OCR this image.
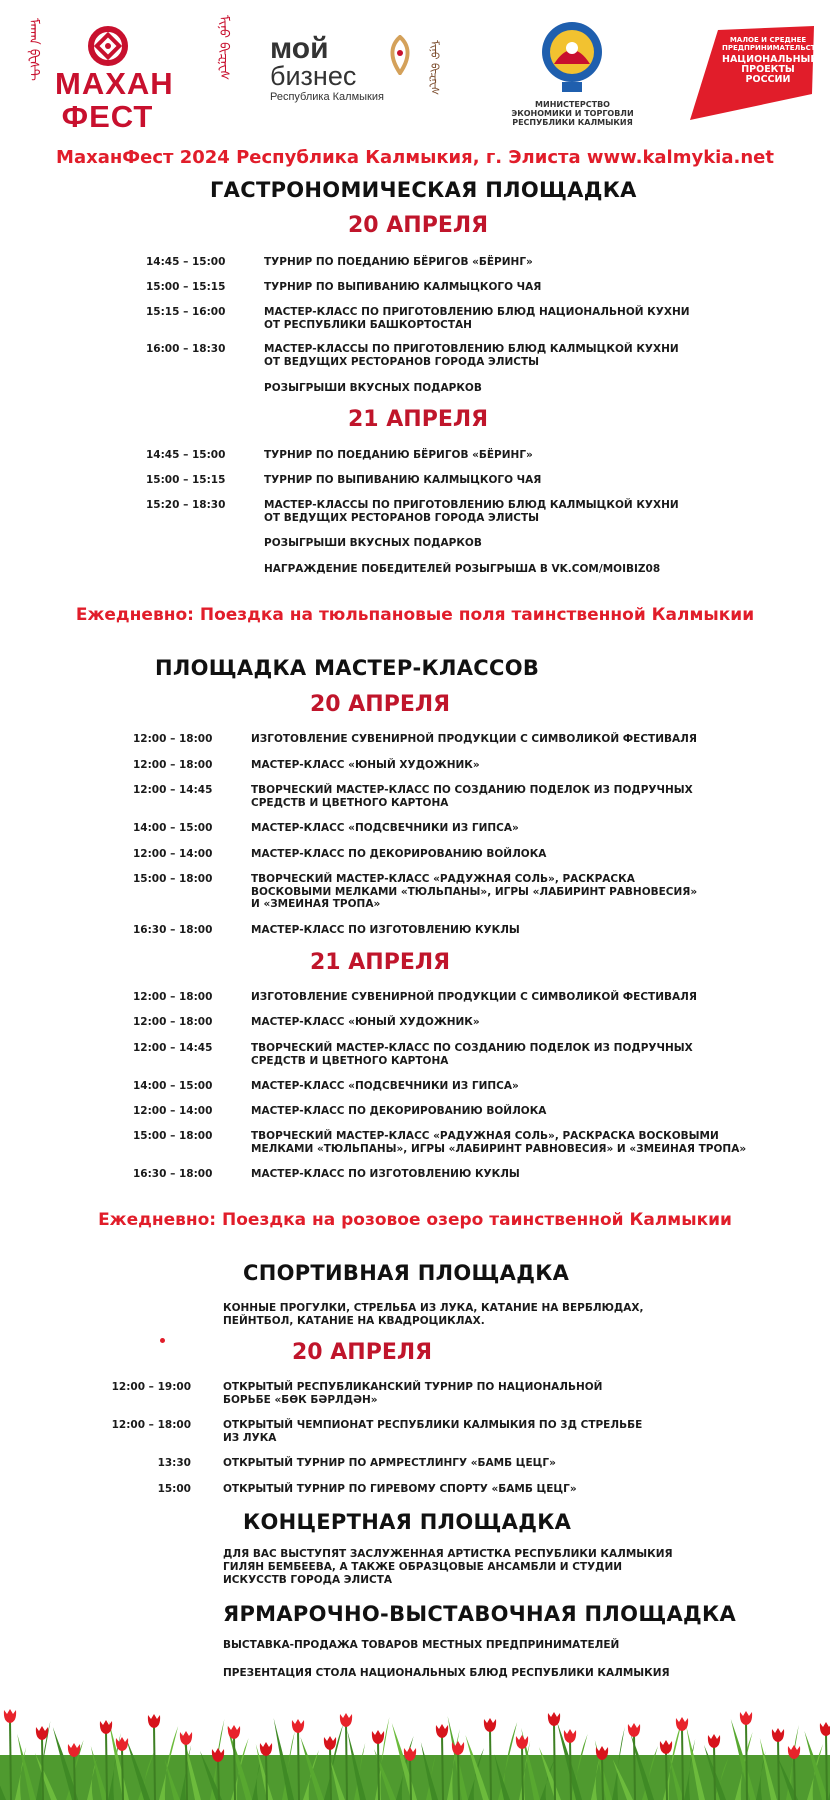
ᠮᠠᠬᠠᠨ ᠹᠧᠰᠲ
МАХАН
ФЕСТ
ᠮᠢᠨᠦ ᠪᠢᠽᠨᠧᠰ мой
бизнес
Республика Калмыкия
ᠮᠢᠨᠦ ᠪᠢᠽᠨᠧᠰ
МИНИСТЕРСТВО
ЭКОНОМИКИ И ТОРГОВЛИ
РЕСПУБЛИКИ КАЛМЫКИЯ
МАЛОЕ И СРЕДНЕЕ
ПРЕДПРИНИМАТЕЛЬСТВО
НАЦИОНАЛЬНЫЕ
ПРОЕКТЫ
РОССИИ
МаханФест 2024 Республика Калмыкия, г. Элиста www.kalmykia.net
ГАСТРОНОМИЧЕСКАЯ ПЛОЩАДКА
20 АПРЕЛЯ
14:45 – 15:00	ТУРНИР ПО ПОЕДАНИЮ БЁРИГОВ «БЁРИНГ»
15:00 – 15:15	ТУРНИР ПО ВЫПИВАНИЮ КАЛМЫЦКОГО ЧАЯ
15:15 – 16:00	МАСТЕР-КЛАСС ПО ПРИГОТОВЛЕНИЮ БЛЮД НАЦИОНАЛЬНОЙ КУХНИ
ОТ РЕСПУБЛИКИ БАШКОРТОСТАН
16:00 – 18:30	МАСТЕР-КЛАССЫ ПО ПРИГОТОВЛЕНИЮ БЛЮД КАЛМЫЦКОЙ КУХНИ
ОТ ВЕДУЩИХ РЕСТОРАНОВ ГОРОДА ЭЛИСТЫ
РОЗЫГРЫШИ ВКУСНЫХ ПОДАРКОВ
21 АПРЕЛЯ
14:45 – 15:00	ТУРНИР ПО ПОЕДАНИЮ БЁРИГОВ «БЁРИНГ»
15:00 – 15:15	ТУРНИР ПО ВЫПИВАНИЮ КАЛМЫЦКОГО ЧАЯ
15:20 – 18:30	МАСТЕР-КЛАССЫ ПО ПРИГОТОВЛЕНИЮ БЛЮД КАЛМЫЦКОЙ КУХНИ
ОТ ВЕДУЩИХ РЕСТОРАНОВ ГОРОДА ЭЛИСТЫ
РОЗЫГРЫШИ ВКУСНЫХ ПОДАРКОВ
НАГРАЖДЕНИЕ ПОБЕДИТЕЛЕЙ РОЗЫГРЫША В VK.COM/MOIBIZ08
Ежедневно: Поездка на тюльпановые поля таинственной Калмыкии
ПЛОЩАДКА МАСТЕР-КЛАССОВ
20 АПРЕЛЯ
12:00 – 18:00	ИЗГОТОВЛЕНИЕ СУВЕНИРНОЙ ПРОДУКЦИИ С СИМВОЛИКОЙ ФЕСТИВАЛЯ
12:00 – 18:00	МАСТЕР-КЛАСС «ЮНЫЙ ХУДОЖНИК»
12:00 – 14:45	ТВОРЧЕСКИЙ МАСТЕР-КЛАСС ПО СОЗДАНИЮ ПОДЕЛОК ИЗ ПОДРУЧНЫХ
СРЕДСТВ И ЦВЕТНОГО КАРТОНА
14:00 – 15:00	МАСТЕР-КЛАСС «ПОДСВЕЧНИКИ ИЗ ГИПСА»
12:00 – 14:00	МАСТЕР-КЛАСС ПО ДЕКОРИРОВАНИЮ ВОЙЛОКА
15:00 – 18:00	ТВОРЧЕСКИЙ МАСТЕР-КЛАСС «РАДУЖНАЯ СОЛЬ», РАСКРАСКА
ВОСКОВЫМИ МЕЛКАМИ «ТЮЛЬПАНЫ», ИГРЫ «ЛАБИРИНТ РАВНОВЕСИЯ»
И «ЗМЕИНАЯ ТРОПА»
16:30 – 18:00	МАСТЕР-КЛАСС ПО ИЗГОТОВЛЕНИЮ КУКЛЫ
21 АПРЕЛЯ
12:00 – 18:00	ИЗГОТОВЛЕНИЕ СУВЕНИРНОЙ ПРОДУКЦИИ С СИМВОЛИКОЙ ФЕСТИВАЛЯ
12:00 – 18:00	МАСТЕР-КЛАСС «ЮНЫЙ ХУДОЖНИК»
12:00 – 14:45	ТВОРЧЕСКИЙ МАСТЕР-КЛАСС ПО СОЗДАНИЮ ПОДЕЛОК ИЗ ПОДРУЧНЫХ
СРЕДСТВ И ЦВЕТНОГО КАРТОНА
14:00 – 15:00	МАСТЕР-КЛАСС «ПОДСВЕЧНИКИ ИЗ ГИПСА»
12:00 – 14:00	МАСТЕР-КЛАСС ПО ДЕКОРИРОВАНИЮ ВОЙЛОКА
15:00 – 18:00	ТВОРЧЕСКИЙ МАСТЕР-КЛАСС «РАДУЖНАЯ СОЛЬ», РАСКРАСКА ВОСКОВЫМИ
МЕЛКАМИ «ТЮЛЬПАНЫ», ИГРЫ «ЛАБИРИНТ РАВНОВЕСИЯ» И «ЗМЕИНАЯ ТРОПА»
16:30 – 18:00	МАСТЕР-КЛАСС ПО ИЗГОТОВЛЕНИЮ КУКЛЫ
Ежедневно: Поездка на розовое озеро таинственной Калмыкии
СПОРТИВНАЯ ПЛОЩАДКА
КОННЫЕ ПРОГУЛКИ, СТРЕЛЬБА ИЗ ЛУКА, КАТАНИЕ НА ВЕРБЛЮДАХ,
ПЕЙНТБОЛ, КАТАНИЕ НА КВАДРОЦИКЛАХ.
20 АПРЕЛЯ
12:00 – 19:00	ОТКРЫТЫЙ РЕСПУБЛИКАНСКИЙ ТУРНИР ПО НАЦИОНАЛЬНОЙ
БОРЬБЕ «БӨК БӘРЛДӘН»
12:00 – 18:00	ОТКРЫТЫЙ ЧЕМПИОНАТ РЕСПУБЛИКИ КАЛМЫКИЯ ПО 3Д СТРЕЛЬБЕ
ИЗ ЛУКА
13:30	ОТКРЫТЫЙ ТУРНИР ПО АРМРЕСТЛИНГУ «БАМБ ЦЕЦГ»
15:00	ОТКРЫТЫЙ ТУРНИР ПО ГИРЕВОМУ СПОРТУ «БАМБ ЦЕЦГ»
КОНЦЕРТНАЯ ПЛОЩАДКА
ДЛЯ ВАС ВЫСТУПЯТ ЗАСЛУЖЕННАЯ АРТИСТКА РЕСПУБЛИКИ КАЛМЫКИЯ
ГИЛЯН БЕМБЕЕВА, А ТАКЖЕ ОБРАЗЦОВЫЕ АНСАМБЛИ И СТУДИИ
ИСКУССТВ ГОРОДА ЭЛИСТА
ЯРМАРОЧНО-ВЫСТАВОЧНАЯ ПЛОЩАДКА
ВЫСТАВКА-ПРОДАЖА ТОВАРОВ МЕСТНЫХ ПРЕДПРИНИМАТЕЛЕЙ
ПРЕЗЕНТАЦИЯ СТОЛА НАЦИОНАЛЬНЫХ БЛЮД РЕСПУБЛИКИ КАЛМЫКИЯ
